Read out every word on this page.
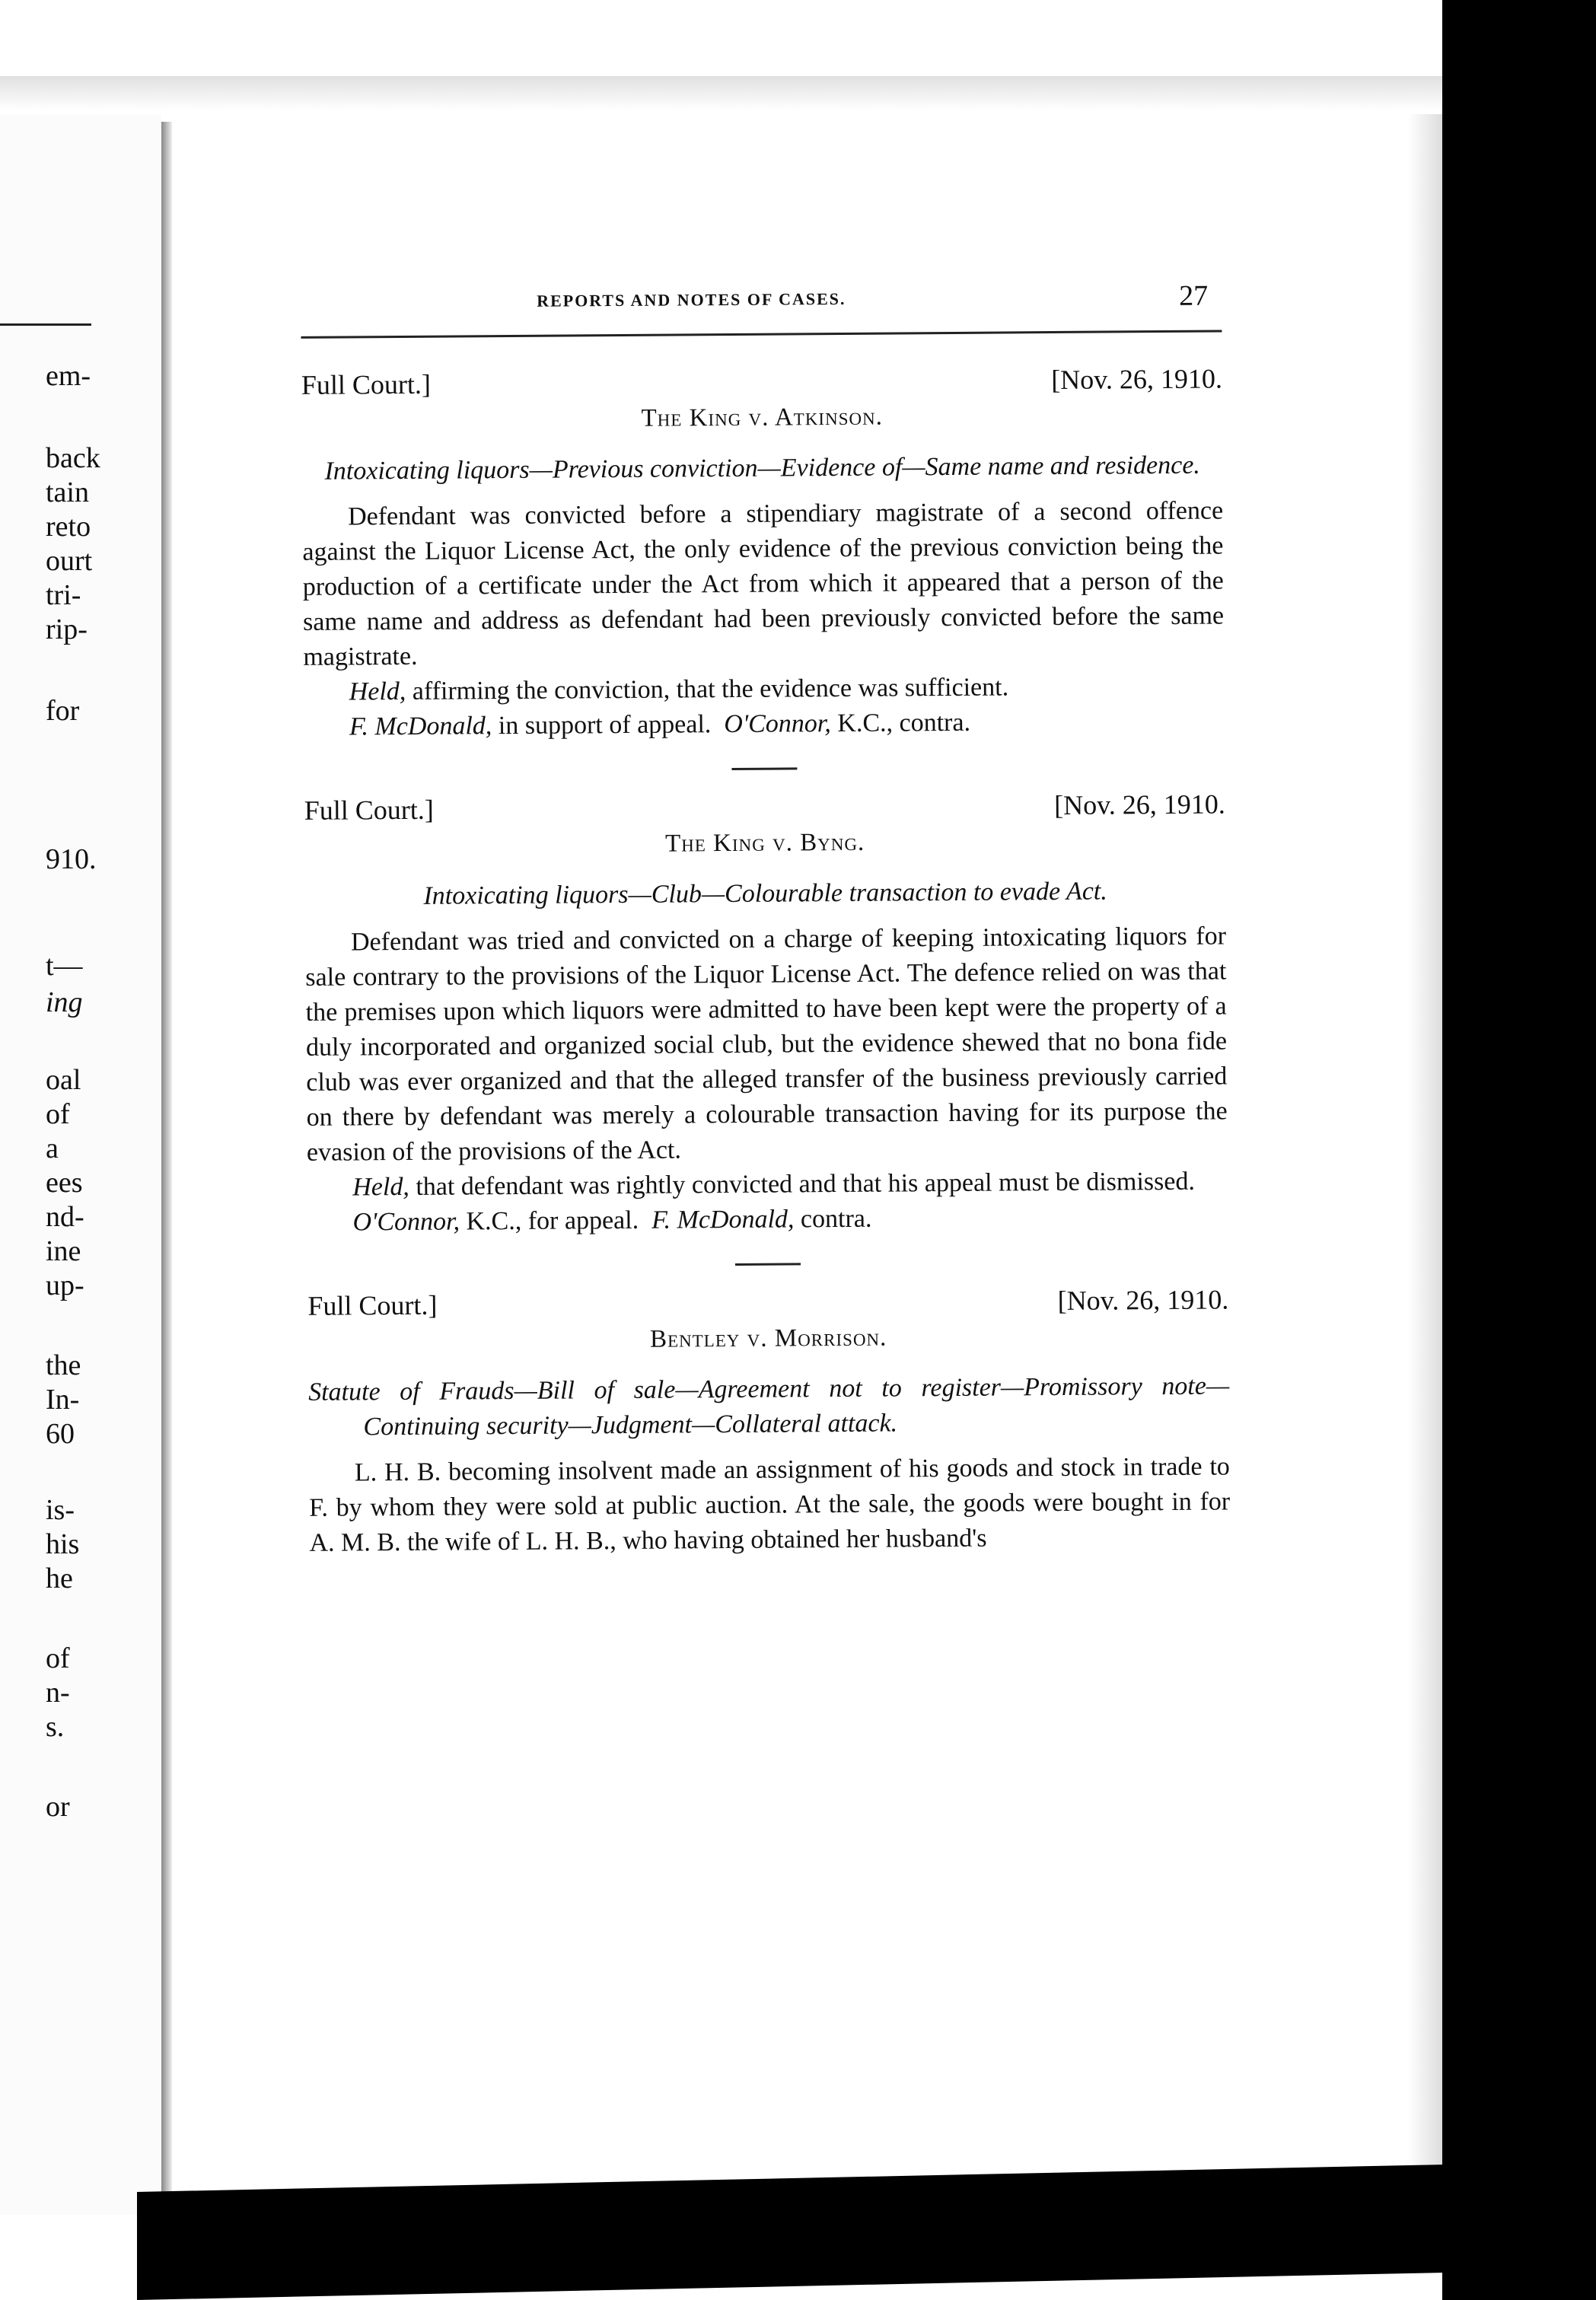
em-
back
tain
reto
ourt
tri-
rip-
for
910.
t—
ing
oal
of
a
ees
nd-
ine
up-
the
In-
60
is-
his
he
of
n-
s.
or
REPORTS AND NOTES OF CASES.	27
Full Court.]	[Nov. 26, 1910.
The King v. Atkinson.
Intoxicating liquors—Previous conviction—Evidence of—Same name and residence.
Defendant was convicted before a stipendiary magistrate of a second offence against the Liquor License Act, the only evidence of the previous conviction being the production of a certificate under the Act from which it appeared that a person of the same name and address as defendant had been previously convicted before the same magistrate.
Held, affirming the conviction, that the evidence was sufficient.
F. McDonald, in support of appeal. O'Connor, K.C., contra.
Full Court.]	[Nov. 26, 1910.
The King v. Byng.
Intoxicating liquors—Club—Colourable transaction to evade Act.
Defendant was tried and convicted on a charge of keeping intoxicating liquors for sale contrary to the provisions of the Liquor License Act. The defence relied on was that the premises upon which liquors were admitted to have been kept were the property of a duly incorporated and organized social club, but the evidence shewed that no bona fide club was ever organized and that the alleged transfer of the business previously carried on there by defendant was merely a colourable transaction having for its purpose the evasion of the provisions of the Act.
Held, that defendant was rightly convicted and that his appeal must be dismissed.
O'Connor, K.C., for appeal. F. McDonald, contra.
Full Court.]	[Nov. 26, 1910.
Bentley v. Morrison.
Statute of Frauds—Bill of sale—Agreement not to register—Promissory note—Continuing security—Judgment—Collateral attack.
L. H. B. becoming insolvent made an assignment of his goods and stock in trade to F. by whom they were sold at public auction. At the sale, the goods were bought in for A. M. B. the wife of L. H. B., who having obtained her husband's
